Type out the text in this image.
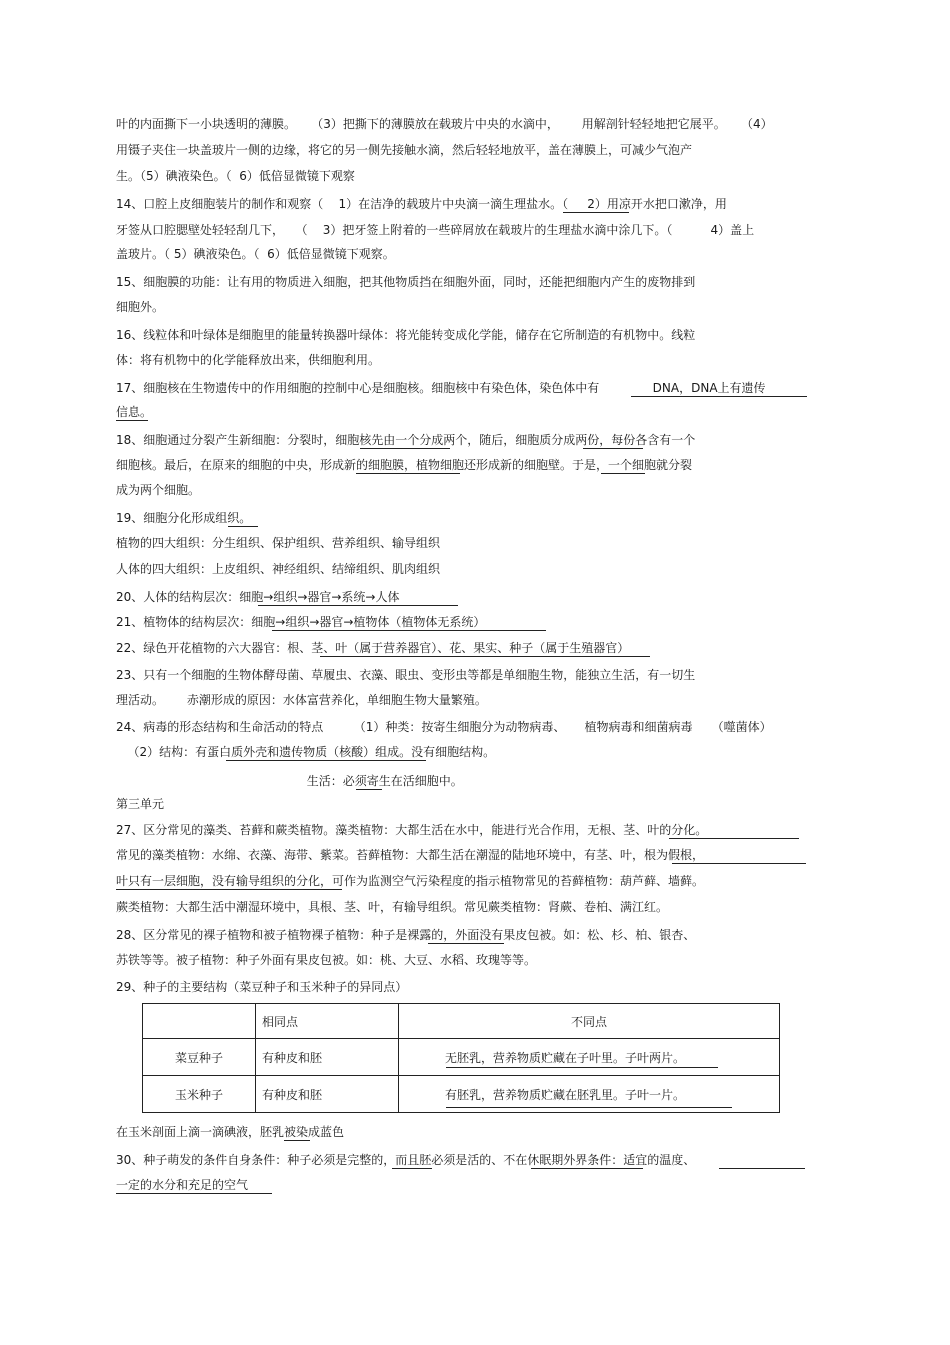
叶的内面撕下一小块透明的薄膜。    （3）把撕下的薄膜放在载玻片中央的水滴中，      用解剖针轻轻地把它展平。    （4）
用镊子夹住一块盖玻片一侧的边缘，将它的另一侧先接触水滴，然后轻轻地放平，盖在薄膜上，可减少气泡产
生。（5）碘液染色。（  6）低倍显微镜下观察
14、口腔上皮细胞装片的制作和观察（    1）在洁净的载玻片中央滴一滴生理盐水。（     2）用凉开水把口漱净，用
牙签从口腔腮壁处轻轻刮几下，   （    3）把牙签上附着的一些碎屑放在载玻片的生理盐水滴中涂几下。（          4）盖上
盖玻片。（ 5）碘液染色。（  6）低倍显微镜下观察。
15、细胞膜的功能：让有用的物质进入细胞，把其他物质挡在细胞外面，同时，还能把细胞内产生的废物排到
细胞外。
16、线粒体和叶绿体是细胞里的能量转换器叶绿体：将光能转变成化学能，储存在它所制造的有机物中。线粒
体：将有机物中的化学能释放出来，供细胞利用。
17、细胞核在生物遗传中的作用细胞的控制中心是细胞核。细胞核中有染色体，染色体中有              DNA，DNA上有遗传
信息。
18、细胞通过分裂产生新细胞：分裂时，细胞核先由一个分成两个，随后，细胞质分成两份，每份各含有一个
细胞核。最后，在原来的细胞的中央，形成新的细胞膜，植物细胞还形成新的细胞壁。于是，一个细胞就分裂
成为两个细胞。
19、细胞分化形成组织。
植物的四大组织：分生组织、保护组织、营养组织、输导组织
人体的四大组织：上皮组织、神经组织、结缔组织、肌肉组织
20、人体的结构层次：细胞→组织→器官→系统→人体
21、植物体的结构层次：细胞→组织→器官→植物体（植物体无系统）
22、绿色开花植物的六大器官：根、茎、叶（属于营养器官）、花、果实、种子（属于生殖器官）
23、只有一个细胞的生物体酵母菌、草履虫、衣藻、眼虫、变形虫等都是单细胞生物，能独立生活，有一切生
理活动。      赤潮形成的原因：水体富营养化，单细胞生物大量繁殖。
24、病毒的形态结构和生命活动的特点        （1）种类：按寄生细胞分为动物病毒、     植物病毒和细菌病毒     （噬菌体）
（2）结构：有蛋白质外壳和遗传物质（核酸）组成。没有细胞结构。
生活：必须寄生在活细胞中。
第三单元
27、区分常见的藻类、苔藓和蕨类植物。藻类植物：大都生活在水中，能进行光合作用，无根、茎、叶的分化。
常见的藻类植物：水绵、衣藻、海带、紫菜。苔藓植物：大都生活在潮湿的陆地环境中，有茎、叶，根为假根，
叶只有一层细胞，没有输导组织的分化，可作为监测空气污染程度的指示植物常见的苔藓植物：葫芦藓、墙藓。
蕨类植物：大都生活中潮湿环境中，具根、茎、叶，有输导组织。常见蕨类植物：肾蕨、卷柏、满江红。
28、区分常见的裸子植物和被子植物裸子植物：种子是裸露的，外面没有果皮包被。如：松、杉、柏、银杏、
苏铁等等。被子植物：种子外面有果皮包被。如：桃、大豆、水稻、玫瑰等等。
29、种子的主要结构（菜豆种子和玉米种子的异同点）
	相同点	不同点
菜豆种子	有种皮和胚	无胚乳，营养物质贮藏在子叶里。子叶两片。
玉米种子	有种皮和胚	有胚乳，营养物质贮藏在胚乳里。子叶一片。
在玉米剖面上滴一滴碘液，胚乳被染成蓝色
30、种子萌发的条件自身条件：种子必须是完整的，而且胚必须是活的、不在休眠期外界条件：适宜的温度、
一定的水分和充足的空气
